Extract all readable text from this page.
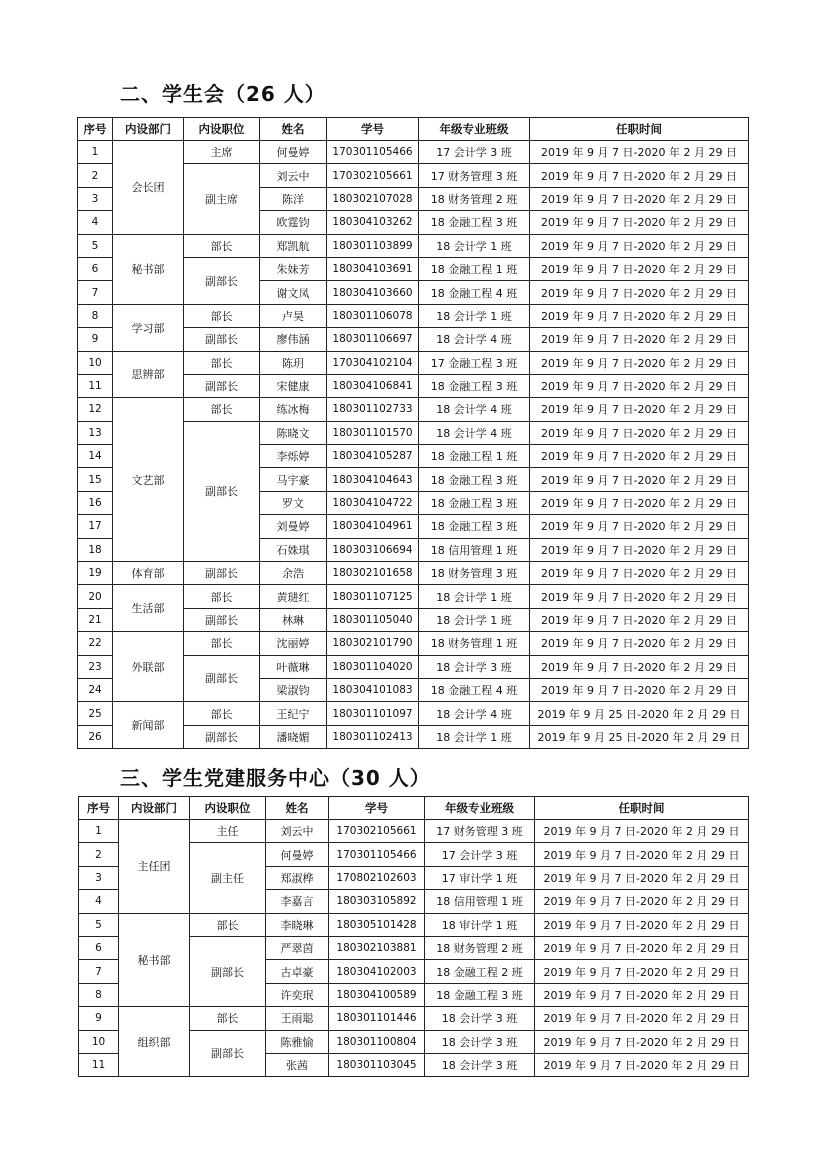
二、学生会（26 人）
序号	内设部门	内设职位	姓名	学号	年级专业班级	任职时间
1	会长团	主席	何曼婷	170301105466	17 会计学 3 班	2019 年 9 月 7 日-2020 年 2 月 29 日
2		副主席	刘云中	170302105661	17 财务管理 3 班	2019 年 9 月 7 日-2020 年 2 月 29 日
3			陈洋	180302107028	18 财务管理 2 班	2019 年 9 月 7 日-2020 年 2 月 29 日
4			欧霆钧	180304103262	18 金融工程 3 班	2019 年 9 月 7 日-2020 年 2 月 29 日
5	秘书部	部长	郑凯航	180301103899	18 会计学 1 班	2019 年 9 月 7 日-2020 年 2 月 29 日
6		副部长	朱妹芳	180304103691	18 金融工程 1 班	2019 年 9 月 7 日-2020 年 2 月 29 日
7			谢文凤	180304103660	18 金融工程 4 班	2019 年 9 月 7 日-2020 年 2 月 29 日
8	学习部	部长	卢昊	180301106078	18 会计学 1 班	2019 年 9 月 7 日-2020 年 2 月 29 日
9		副部长	廖伟涵	180301106697	18 会计学 4 班	2019 年 9 月 7 日-2020 年 2 月 29 日
10	思辨部	部长	陈玥	170304102104	17 金融工程 3 班	2019 年 9 月 7 日-2020 年 2 月 29 日
11		副部长	宋健康	180304106841	18 金融工程 3 班	2019 年 9 月 7 日-2020 年 2 月 29 日
12	文艺部	部长	练冰梅	180301102733	18 会计学 4 班	2019 年 9 月 7 日-2020 年 2 月 29 日
13		副部长	陈晓文	180301101570	18 会计学 4 班	2019 年 9 月 7 日-2020 年 2 月 29 日
14			李烁婷	180304105287	18 金融工程 1 班	2019 年 9 月 7 日-2020 年 2 月 29 日
15			马宇豪	180304104643	18 金融工程 3 班	2019 年 9 月 7 日-2020 年 2 月 29 日
16			罗文	180304104722	18 金融工程 3 班	2019 年 9 月 7 日-2020 年 2 月 29 日
17			刘曼婷	180304104961	18 金融工程 3 班	2019 年 9 月 7 日-2020 年 2 月 29 日
18			石姝琪	180303106694	18 信用管理 1 班	2019 年 9 月 7 日-2020 年 2 月 29 日
19	体育部	副部长	余浩	180302101658	18 财务管理 3 班	2019 年 9 月 7 日-2020 年 2 月 29 日
20	生活部	部长	黄琎红	180301107125	18 会计学 1 班	2019 年 9 月 7 日-2020 年 2 月 29 日
21		副部长	林琳	180301105040	18 会计学 1 班	2019 年 9 月 7 日-2020 年 2 月 29 日
22	外联部	部长	沈丽婷	180302101790	18 财务管理 1 班	2019 年 9 月 7 日-2020 年 2 月 29 日
23		副部长	叶薇琳	180301104020	18 会计学 3 班	2019 年 9 月 7 日-2020 年 2 月 29 日
24			梁淑钧	180304101083	18 金融工程 4 班	2019 年 9 月 7 日-2020 年 2 月 29 日
25	新闻部	部长	王纪宁	180301101097	18 会计学 4 班	2019 年 9 月 25 日-2020 年 2 月 29 日
26		副部长	潘晓媚	180301102413	18 会计学 1 班	2019 年 9 月 25 日-2020 年 2 月 29 日
三、学生党建服务中心（30 人）
序号	内设部门	内设职位	姓名	学号	年级专业班级	任职时间
1	主任团	主任	刘云中	170302105661	17 财务管理 3 班	2019 年 9 月 7 日-2020 年 2 月 29 日
2		副主任	何曼婷	170301105466	17 会计学 3 班	2019 年 9 月 7 日-2020 年 2 月 29 日
3			郑淑桦	170802102603	17 审计学 1 班	2019 年 9 月 7 日-2020 年 2 月 29 日
4			李嘉言	180303105892	18 信用管理 1 班	2019 年 9 月 7 日-2020 年 2 月 29 日
5	秘书部	部长	李晓琳	180305101428	18 审计学 1 班	2019 年 9 月 7 日-2020 年 2 月 29 日
6		副部长	严翠茵	180302103881	18 财务管理 2 班	2019 年 9 月 7 日-2020 年 2 月 29 日
7			古卓豪	180304102003	18 金融工程 2 班	2019 年 9 月 7 日-2020 年 2 月 29 日
8			许奕珉	180304100589	18 金融工程 3 班	2019 年 9 月 7 日-2020 年 2 月 29 日
9	组织部	部长	王雨聪	180301101446	18 会计学 3 班	2019 年 9 月 7 日-2020 年 2 月 29 日
10		副部长	陈雅愉	180301100804	18 会计学 3 班	2019 年 9 月 7 日-2020 年 2 月 29 日
11			张茜	180301103045	18 会计学 3 班	2019 年 9 月 7 日-2020 年 2 月 29 日
